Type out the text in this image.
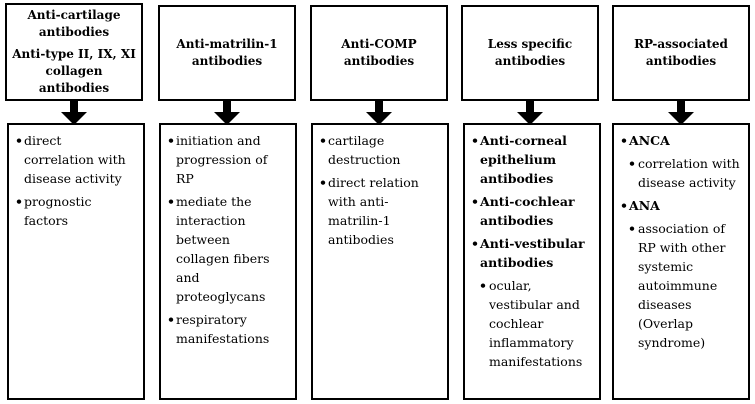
Anti-cartilage
antibodies
Anti-type II, IX, XI
collagen antibodies
• direct correlation with disease activity
• prognostic factors
Anti-matrilin-1
antibodies
• initiation and progression of RP
• mediate the interaction between collagen fibers and proteoglycans
• respiratory manifestations
Anti-COMP
antibodies
• cartilage destruction
• direct relation with anti-matrilin-1 antibodies
Less specific
antibodies
• Anti-corneal epithelium antibodies
• Anti-cochlear antibodies
• Anti-vestibular antibodies
• ocular, vestibular and cochlear inflammatory manifestations
RP-associated
antibodies
• ANCA
• correlation with disease activity
• ANA
• association of RP with other systemic autoimmune diseases (Overlap syndrome)
